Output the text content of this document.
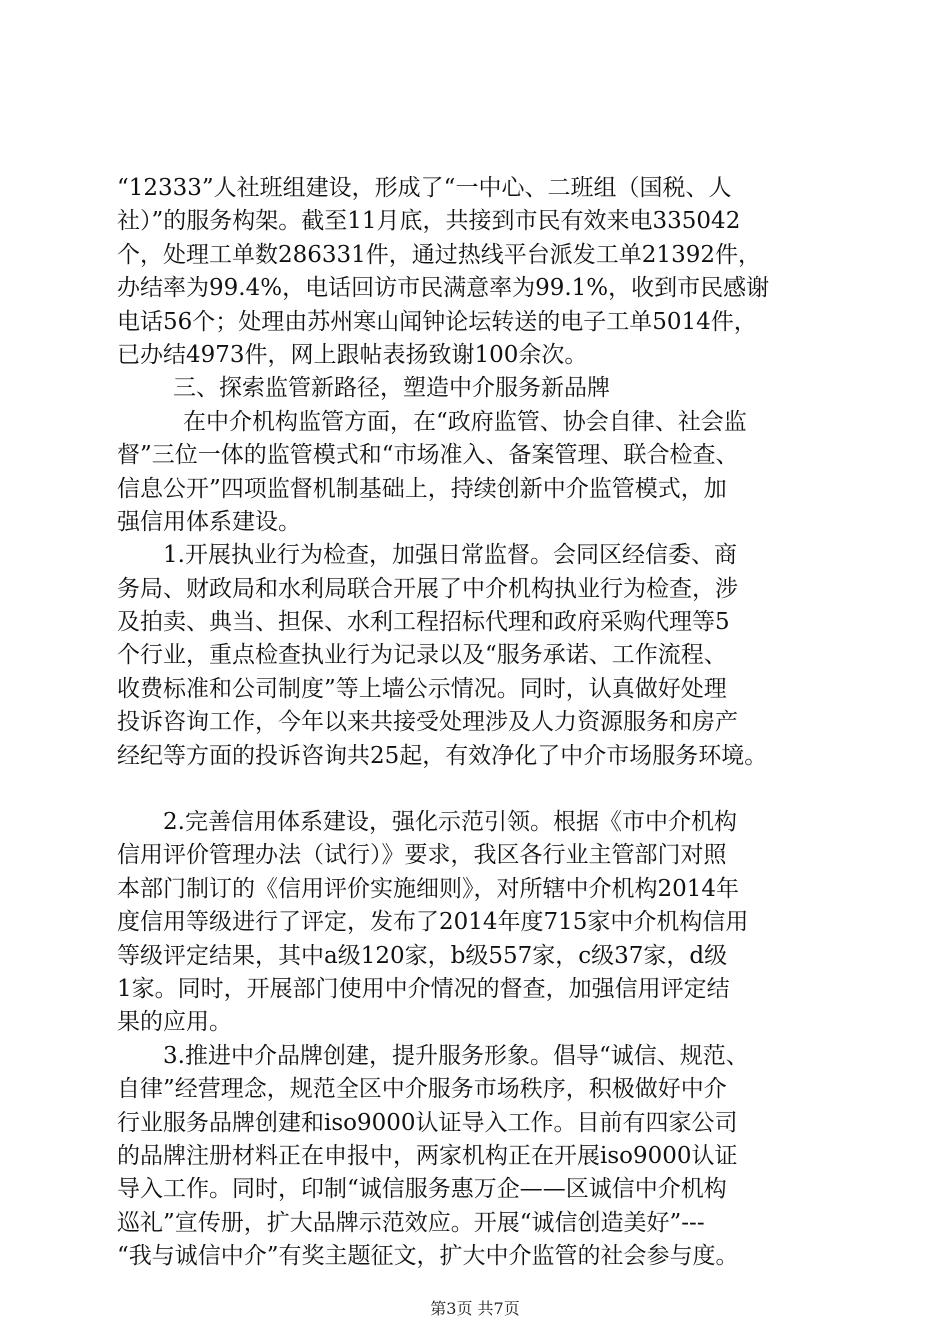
“12333”人社班组建设，形成了“一中心、二班组（国税、人
社）”的服务构架。截至11月底，共接到市民有效来电335042
个，处理工单数286331件，通过热线平台派发工单21392件，
办结率为99.4%，电话回访市民满意率为99.1%，收到市民感谢
电话56个；处理由苏州寒山闻钟论坛转送的电子工单5014件，
已办结4973件，网上跟帖表扬致谢100余次。
三、探索监管新路径，塑造中介服务新品牌
在中介机构监管方面，在“政府监管、协会自律、社会监
督”三位一体的监管模式和“市场准入、备案管理、联合检查、
信息公开”四项监督机制基础上，持续创新中介监管模式，加
强信用体系建设。
1.开展执业行为检查，加强日常监督。会同区经信委、商
务局、财政局和水利局联合开展了中介机构执业行为检查，涉
及拍卖、典当、担保、水利工程招标代理和政府采购代理等5
个行业，重点检查执业行为记录以及“服务承诺、工作流程、
收费标准和公司制度”等上墙公示情况。同时，认真做好处理
投诉咨询工作，今年以来共接受处理涉及人力资源服务和房产
经纪等方面的投诉咨询共25起，有效净化了中介市场服务环境。
2.完善信用体系建设，强化示范引领。根据《市中介机构
信用评价管理办法（试行）》要求，我区各行业主管部门对照
本部门制订的《信用评价实施细则》，对所辖中介机构2014年
度信用等级进行了评定，发布了2014年度715家中介机构信用
等级评定结果，其中a级120家，b级557家，c级37家，d级
1家。同时，开展部门使用中介情况的督查，加强信用评定结
果的应用。
3.推进中介品牌创建，提升服务形象。倡导“诚信、规范、
自律”经营理念，规范全区中介服务市场秩序，积极做好中介
行业服务品牌创建和iso9000认证导入工作。目前有四家公司
的品牌注册材料正在申报中，两家机构正在开展iso9000认证
导入工作。同时，印制“诚信服务惠万企——区诚信中介机构
巡礼”宣传册，扩大品牌示范效应。开展“诚信创造美好”---
“我与诚信中介”有奖主题征文，扩大中介监管的社会参与度。
第3页 共7页
